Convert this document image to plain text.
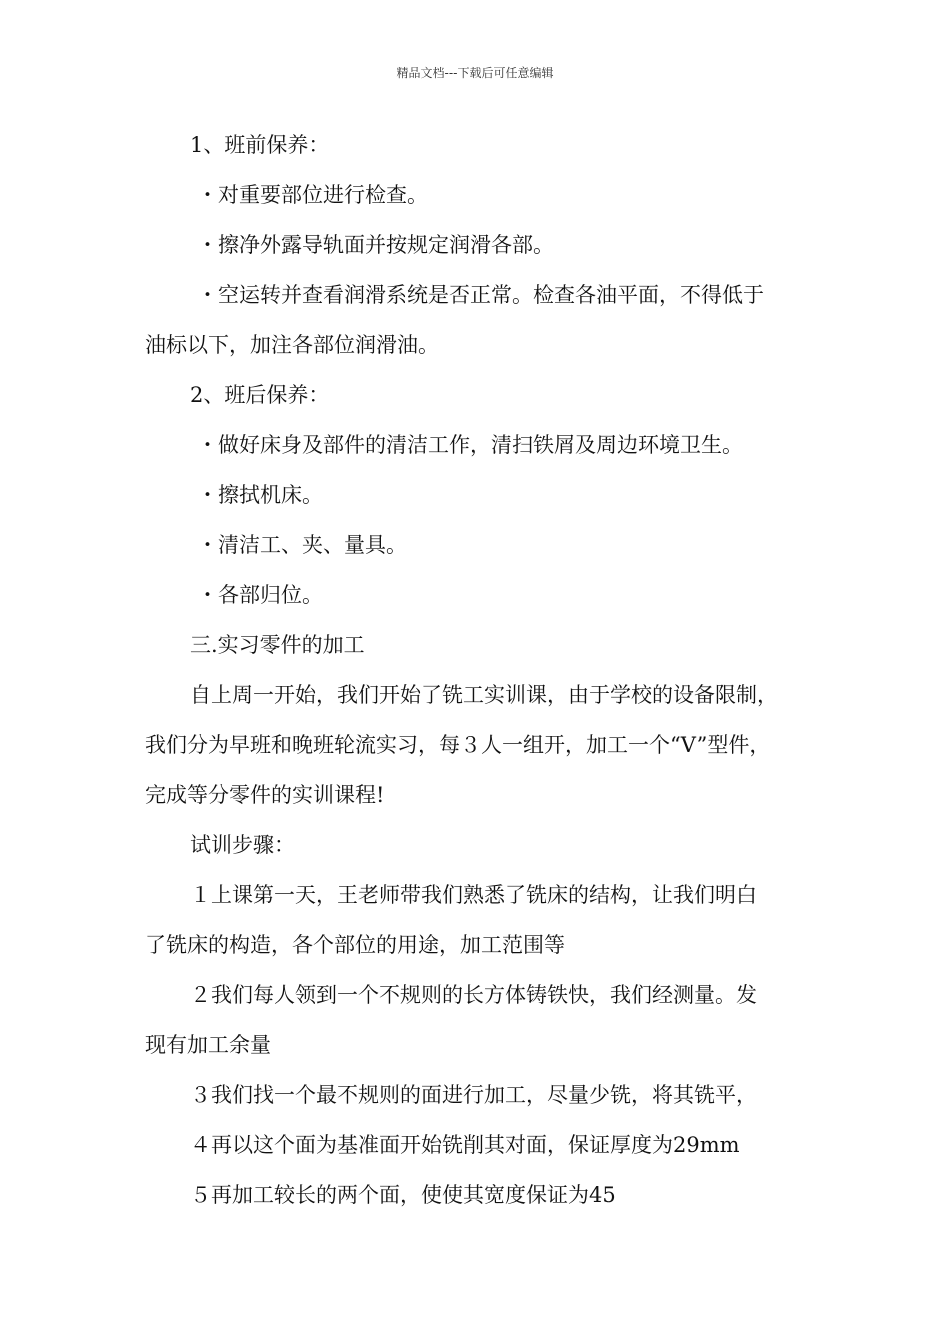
精品文档---下载后可任意编辑
1、班前保养：
・对重要部位进行检查。
・擦净外露导轨面并按规定润滑各部。
・空运转并查看润滑系统是否正常。检查各油平面，不得低于
油标以下，加注各部位润滑油。
2、班后保养：
・做好床身及部件的清洁工作，清扫铁屑及周边环境卫生。
・擦拭机床。
・清洁工、夹、量具。
・各部归位。
三.实习零件的加工
自上周一开始，我们开始了铣工实训课，由于学校的设备限制，
我们分为早班和晚班轮流实习，每３人一组开，加工一个“V”型件，
完成等分零件的实训课程!
试训步骤：
１上课第一天，王老师带我们熟悉了铣床的结构，让我们明白
了铣床的构造，各个部位的用途，加工范围等
２我们每人领到一个不规则的长方体铸铁快，我们经测量。发
现有加工余量
３我们找一个最不规则的面进行加工，尽量少铣，将其铣平，
４再以这个面为基准面开始铣削其对面，保证厚度为29mm
５再加工较长的两个面，使使其宽度保证为45
